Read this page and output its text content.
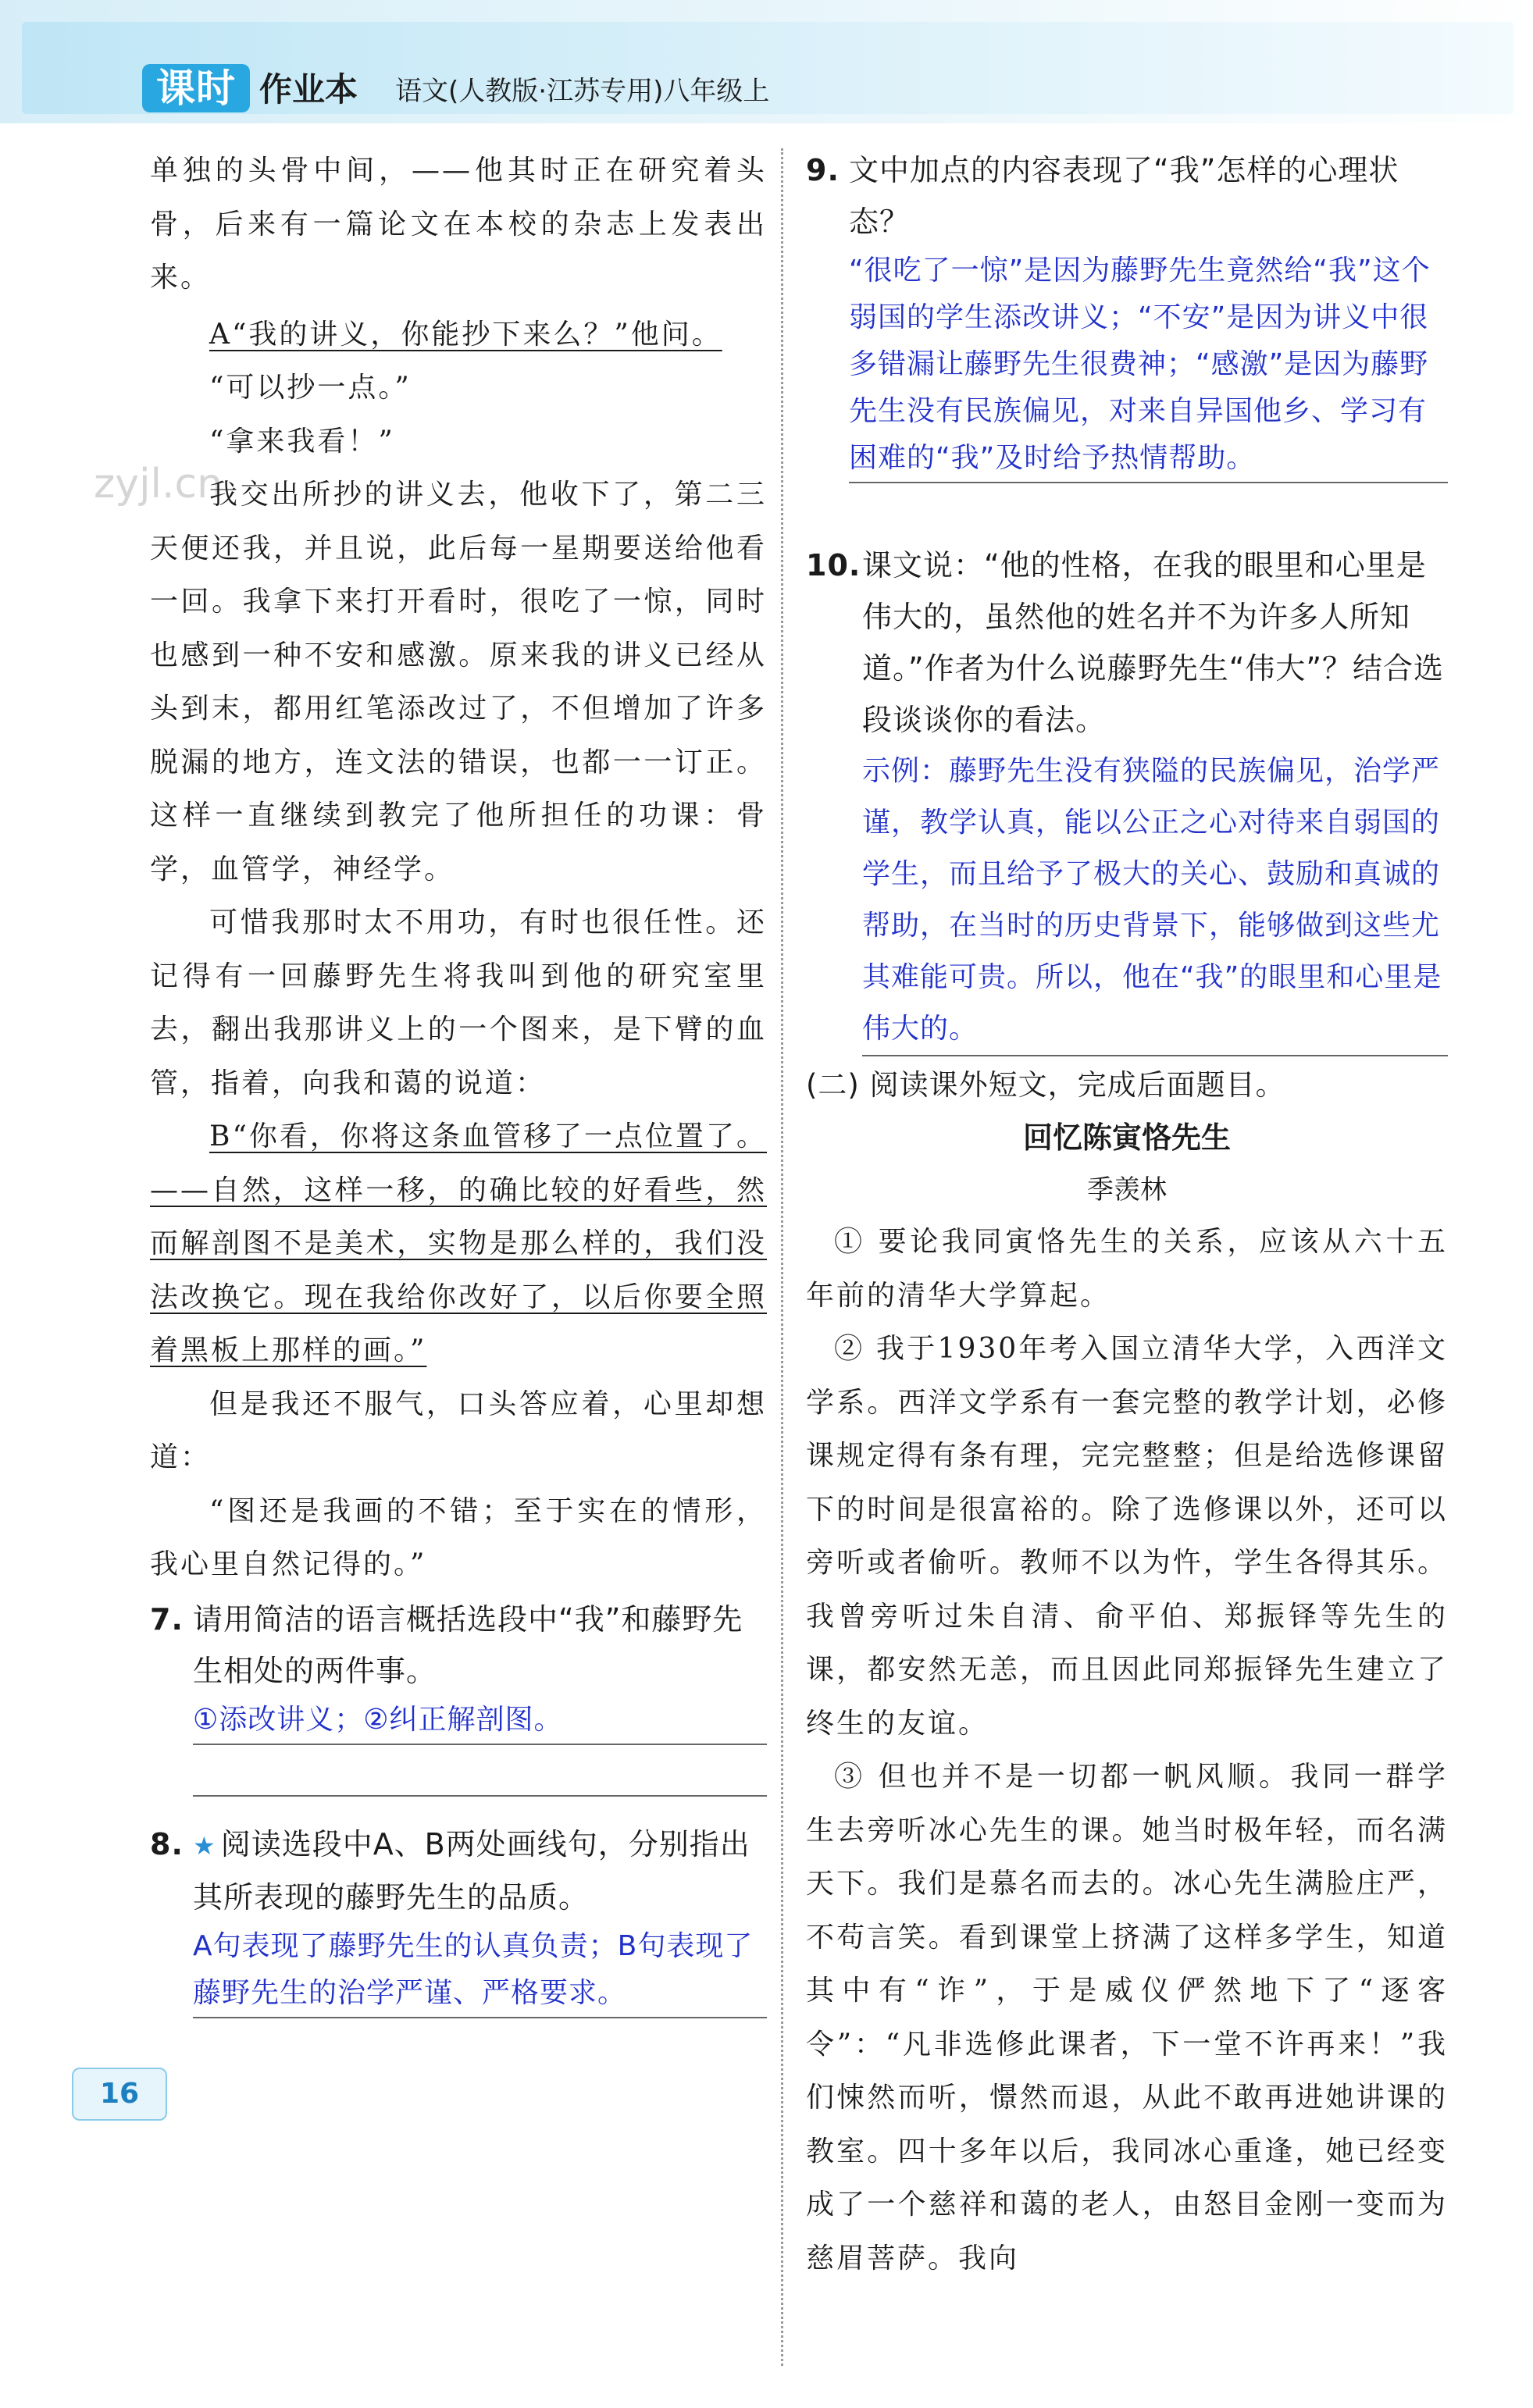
课时 作业本 语文(人教版·江苏专用)八年级上
zyjl.cn

单独的头骨中间，——他其时正在研究着头骨，后来有一篇论文在本校的杂志上发表出来。

A“我的讲义，你能抄下来么？”他问。

“可以抄一点。”

“拿来我看！”

我交出所抄的讲义去，他收下了，第二三天便还我，并且说，此后每一星期要送给他看一回。我拿下来打开看时，很吃了一惊，同时也感到一种不安和感激。原来我的讲义已经从头到末，都用红笔添改过了，不但增加了许多脱漏的地方，连文法的错误，也都一一订正。这样一直继续到教完了他所担任的功课：骨学，血管学，神经学。

可惜我那时太不用功，有时也很任性。还记得有一回藤野先生将我叫到他的研究室里去，翻出我那讲义上的一个图来，是下臂的血管，指着，向我和蔼的说道：

B“你看，你将这条血管移了一点位置了。——自然，这样一移，的确比较的好看些，然而解剖图不是美术，实物是那么样的，我们没法改换它。现在我给你改好了，以后你要全照着黑板上那样的画。”

但是我还不服气，口头答应着，心里却想道：

“图还是我画的不错；至于实在的情形，我心里自然记得的。”

7. 请用简洁的语言概括选段中“我”和藤野先生相处的两件事。

①添改讲义；②纠正解剖图。

8. ★ 阅读选段中A、B两处画线句，分别指出其所表现的藤野先生的品质。

A句表现了藤野先生的认真负责；B句表现了藤野先生的治学严谨、严格要求。

9. 文中加点的内容表现了“我”怎样的心理状态？

“很吃了一惊”是因为藤野先生竟然给“我”这个弱国的学生添改讲义；“不安”是因为讲义中很多错漏让藤野先生很费神；“感激”是因为藤野先生没有民族偏见，对来自异国他乡、学习有困难的“我”及时给予热情帮助。

10. 课文说：“他的性格，在我的眼里和心里是伟大的，虽然他的姓名并不为许多人所知道。”作者为什么说藤野先生“伟大”？结合选段谈谈你的看法。

示例：藤野先生没有狭隘的民族偏见，治学严谨，教学认真，能以公正之心对待来自弱国的学生，而且给予了极大的关心、鼓励和真诚的帮助，在当时的历史背景下，能够做到这些尤其难能可贵。所以，他在“我”的眼里和心里是伟大的。

(二) 阅读课外短文，完成后面题目。

回忆陈寅恪先生

季羡林

① 要论我同寅恪先生的关系，应该从六十五年前的清华大学算起。

② 我于1930年考入国立清华大学，入西洋文学系。西洋文学系有一套完整的教学计划，必修课规定得有条有理，完完整整；但是给选修课留下的时间是很富裕的。除了选修课以外，还可以旁听或者偷听。教师不以为忤，学生各得其乐。我曾旁听过朱自清、俞平伯、郑振铎等先生的课，都安然无恙，而且因此同郑振铎先生建立了终生的友谊。

③ 但也并不是一切都一帆风顺。我同一群学生去旁听冰心先生的课。她当时极年轻，而名满天下。我们是慕名而去的。冰心先生满脸庄严，不苟言笑。看到课堂上挤满了这样多学生，知道其中有“诈”，于是威仪俨然地下了“逐客令”：“凡非选修此课者，下一堂不许再来！”我们悚然而听，憬然而退，从此不敢再进她讲课的教室。四十多年以后，我同冰心重逢，她已经变成了一个慈祥和蔼的老人，由怒目金刚一变而为慈眉菩萨。我向

16
